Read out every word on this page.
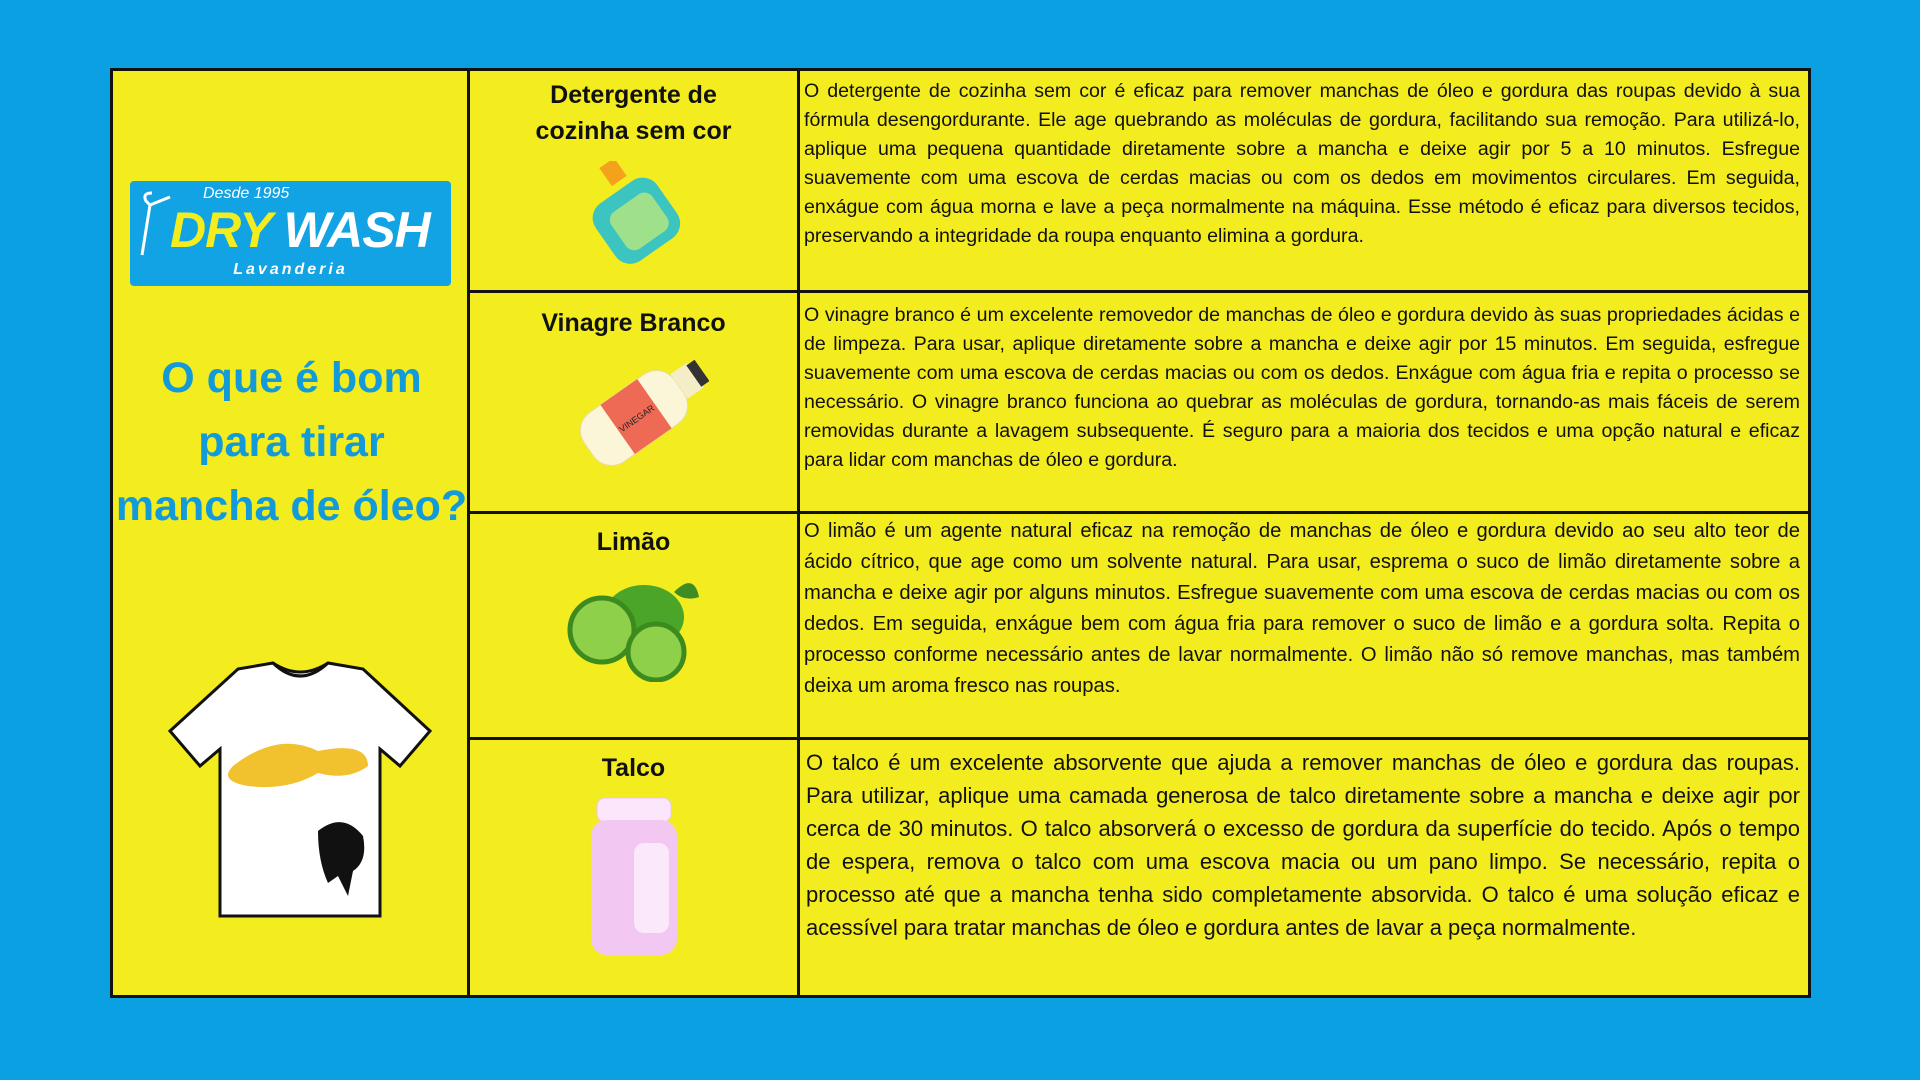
Desde 1995
DRY WASH
Lavanderia
O que é bom para tirar mancha de óleo?
Detergente de cozinha sem cor
O detergente de cozinha sem cor é eficaz para remover manchas de óleo e gordura das roupas devido à sua fórmula desengordurante. Ele age quebrando as moléculas de gordura, facilitando sua remoção. Para utilizá-lo, aplique uma pequena quantidade diretamente sobre a mancha e deixe agir por 5 a 10 minutos. Esfregue suavemente com uma escova de cerdas macias ou com os dedos em movimentos circulares. Em seguida, enxágue com água morna e lave a peça normalmente na máquina. Esse método é eficaz para diversos tecidos, preservando a integridade da roupa enquanto elimina a gordura.
Vinagre Branco
VINEGAR
O vinagre branco é um excelente removedor de manchas de óleo e gordura devido às suas propriedades ácidas e de limpeza. Para usar, aplique diretamente sobre a mancha e deixe agir por 15 minutos. Em seguida, esfregue suavemente com uma escova de cerdas macias ou com os dedos. Enxágue com água fria e repita o processo se necessário. O vinagre branco funciona ao quebrar as moléculas de gordura, tornando-as mais fáceis de serem removidas durante a lavagem subsequente. É seguro para a maioria dos tecidos e uma opção natural e eficaz para lidar com manchas de óleo e gordura.
Limão	O limão é um agente natural eficaz na remoção de manchas de óleo e gordura devido ao seu alto teor de ácido cítrico, que age como um solvente natural. Para usar, esprema o suco de limão diretamente sobre a mancha e deixe agir por alguns minutos. Esfregue suavemente com uma escova de cerdas macias ou com os dedos. Em seguida, enxágue bem com água fria para remover o suco de limão e a gordura solta. Repita o processo conforme necessário antes de lavar normalmente. O limão não só remove manchas, mas também deixa um aroma fresco nas roupas.
Talco	O talco é um excelente absorvente que ajuda a remover manchas de óleo e gordura das roupas. Para utilizar, aplique uma camada generosa de talco diretamente sobre a mancha e deixe agir por cerca de 30 minutos. O talco absorverá o excesso de gordura da superfície do tecido. Após o tempo de espera, remova o talco com uma escova macia ou um pano limpo. Se necessário, repita o processo até que a mancha tenha sido completamente absorvida. O talco é uma solução eficaz e acessível para tratar manchas de óleo e gordura antes de lavar a peça normalmente.
